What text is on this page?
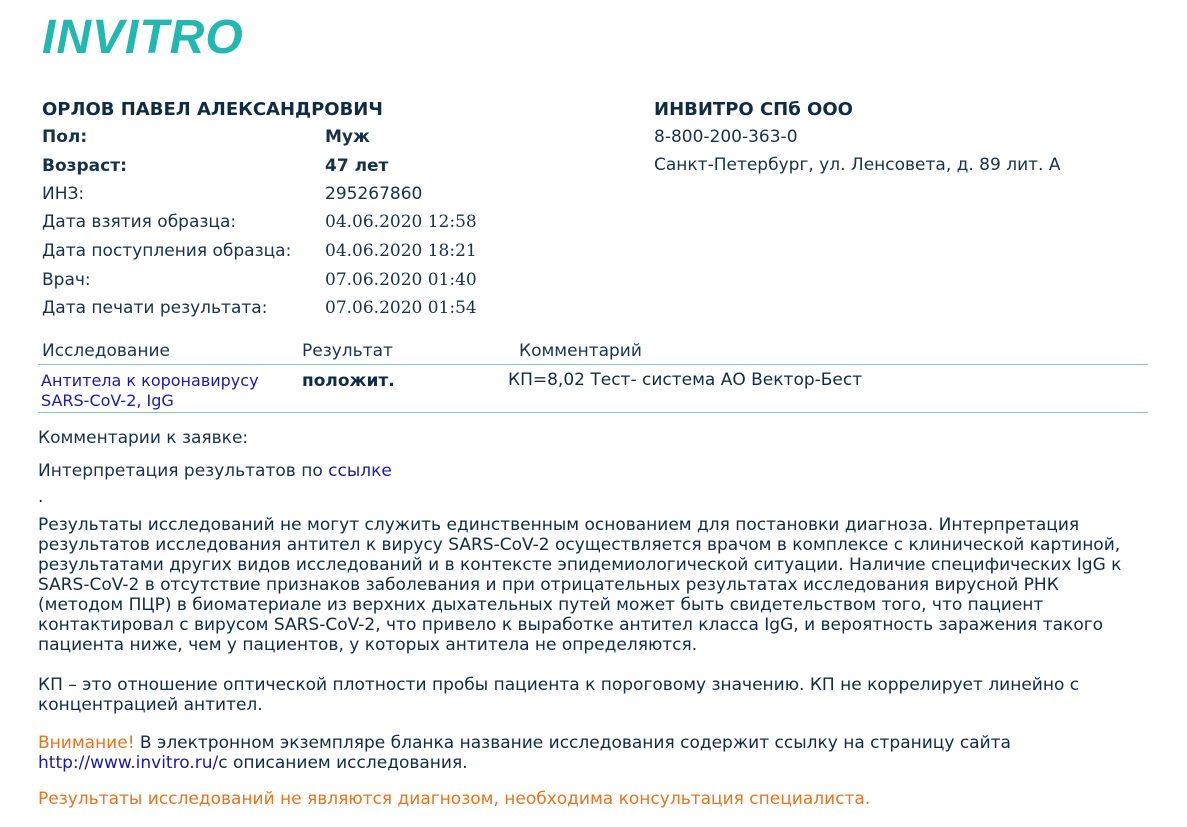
INVITRO
ОРЛОВ ПАВЕЛ АЛЕКСАНДРОВИЧ
Пол:	Муж
Возраст:	47 лет
ИНЗ:	295267860
Дата взятия образца:	04.06.2020 12:58
Дата поступления образца: 04.06.2020 18:21
Врач:	07.06.2020 01:40
Дата печати результата:	07.06.2020 01:54
ИНВИТРО СПб ООО
8-800-200-363-0
Санкт-Петербург, ул. Ленсовета, д. 89 лит. А
Исследование	Результат	Комментарий
Антитела к коронавирусу
SARS-CoV-2, IgG
положит.	КП=8,02 Тест- система АО Вектор-Бест
Комментарии к заявке:
Интерпретация результатов по ссылке
.
Результаты исследований не могут служить единственным основанием для постановки диагноза. Интерпретация результатов исследования антител к вирусу SARS-CoV-2 осуществляется врачом в комплексе с клинической картиной, результатами других видов исследований и в контексте эпидемиологической ситуации. Наличие специфических IgG к SARS-CoV-2 в отсутствие признаков заболевания и при отрицательных результатах исследования вирусной РНК (методом ПЦР) в биоматериале из верхних дыхательных путей может быть свидетельством того, что пациент контактировал с вирусом SARS-CoV-2, что привело к выработке антител класса IgG, и вероятность заражения такого пациента ниже, чем у пациентов, у которых антитела не определяются.
КП – это отношение оптической плотности пробы пациента к пороговому значению. КП не коррелирует линейно с концентрацией антител.
Внимание! В электронном экземпляре бланка название исследования содержит ссылку на страницу сайта
http://www.invitro.ru/с описанием исследования.
Результаты исследований не являются диагнозом, необходима консультация специалиста.
